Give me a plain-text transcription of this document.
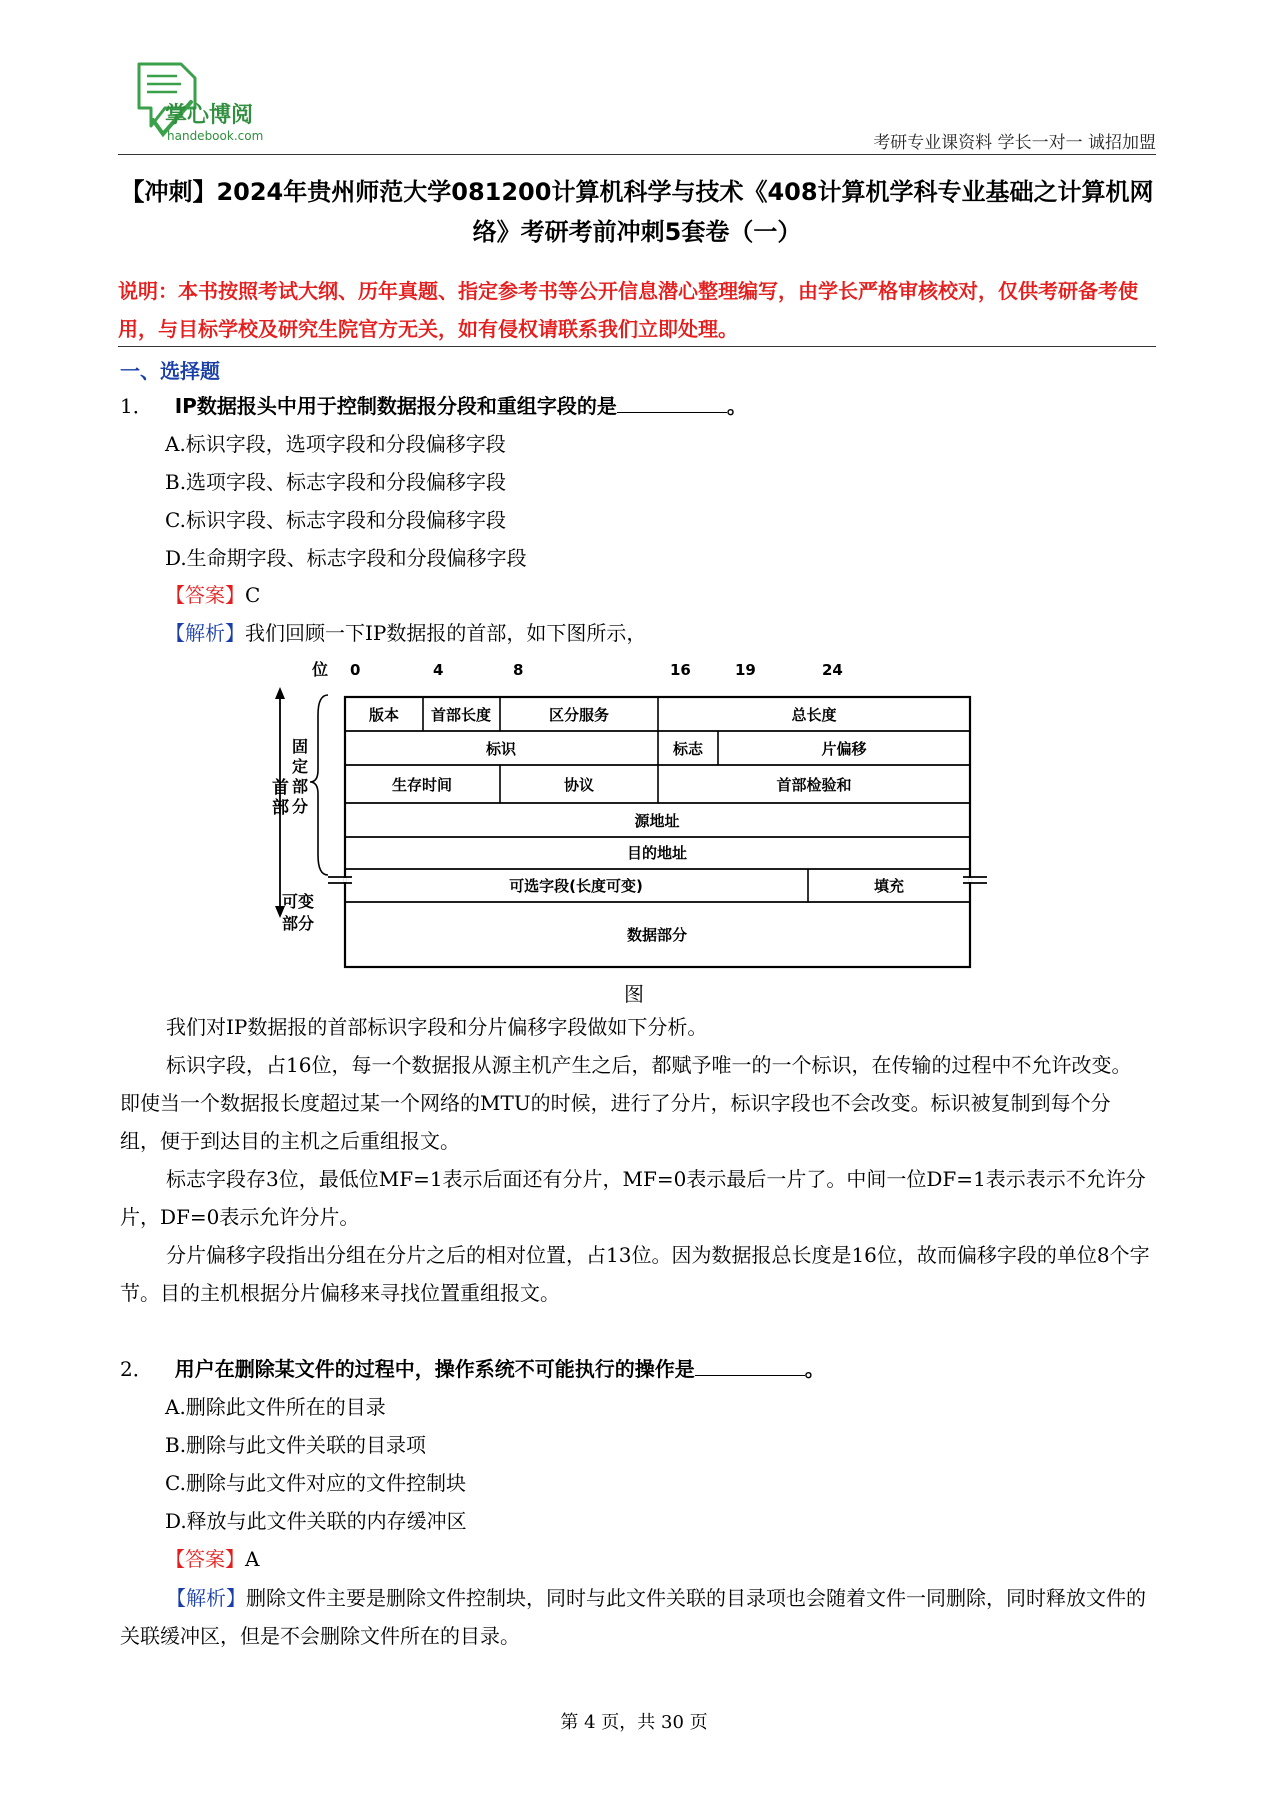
掌心博阅
handebook.com	考研专业课资料 学长一对一 诚招加盟
【冲刺】2024年贵州师范大学081200计算机科学与技术《408计算机学科专业基础之计算机网络》考研考前冲刺5套卷（一）
说明：本书按照考试大纲、历年真题、指定参考书等公开信息潜心整理编写，由学长严格审核校对，仅供考研备考使用，与目标学校及研究生院官方无关，如有侵权请联系我们立即处理。
一、选择题
1． IP数据报头中用于控制数据报分段和重组字段的是	。
A.标识字段，选项字段和分段偏移字段
B.选项字段、标志字段和分段偏移字段
C.标识字段、标志字段和分段偏移字段
D.生命期字段、标志字段和分段偏移字段
【答案】C
【解析】我们回顾一下IP数据报的首部，如下图所示，
位 0	4	8	16	19	24
首
部
固
定
部
分
可变
部分
版本 首部长度	区分服务	总长度
标识	标志	片偏移
生存时间	协议	首部检验和
源地址
目的地址
可选字段(长度可变)	填充
数据部分
图
我们对IP数据报的首部标识字段和分片偏移字段做如下分析。
标识字段，占16位，每一个数据报从源主机产生之后，都赋予唯一的一个标识，在传输的过程中不允许改变。即使当一个数据报长度超过某一个网络的MTU的时候，进行了分片，标识字段也不会改变。标识被复制到每个分组，便于到达目的主机之后重组报文。
标志字段存3位，最低位MF=1表示后面还有分片，MF=0表示最后一片了。中间一位DF=1表示表示不允许分片，DF=0表示允许分片。
分片偏移字段指出分组在分片之后的相对位置，占13位。因为数据报总长度是16位，故而偏移字段的单位8个字节。目的主机根据分片偏移来寻找位置重组报文。
2． 用户在删除某文件的过程中，操作系统不可能执行的操作是	。
A.删除此文件所在的目录
B.删除与此文件关联的目录项
C.删除与此文件对应的文件控制块
D.释放与此文件关联的内存缓冲区
【答案】A
【解析】删除文件主要是删除文件控制块，同时与此文件关联的目录项也会随着文件一同删除，同时释放文件的关联缓冲区，但是不会删除文件所在的目录。
第 4 页，共 30 页
